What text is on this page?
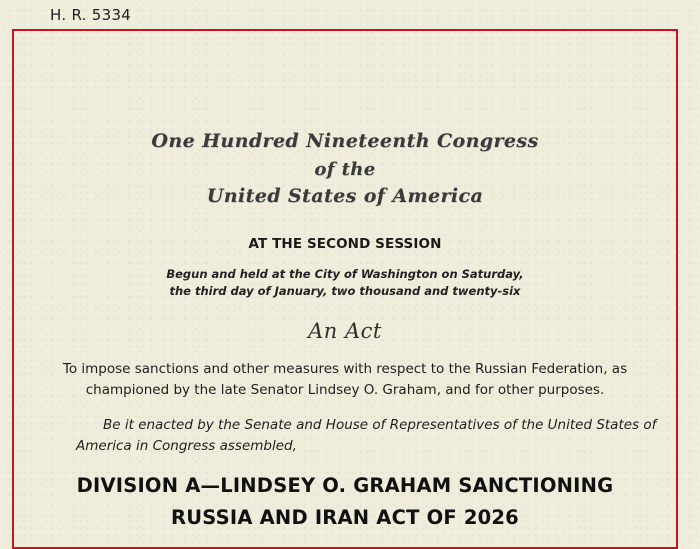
H. R. 5334
One Hundred Nineteenth Congress
of the
United States of America
AT THE SECOND SESSION
Begun and held at the City of Washington on Saturday,
the third day of January, two thousand and twenty-six
An Act
To impose sanctions and other measures with respect to the Russian Federation, as
championed by the late Senator Lindsey O. Graham, and for other purposes.
Be it enacted by the Senate and House of Representatives of the United States of
America in Congress assembled,
DIVISION A—LINDSEY O. GRAHAM SANCTIONING
RUSSIA AND IRAN ACT OF 2026
